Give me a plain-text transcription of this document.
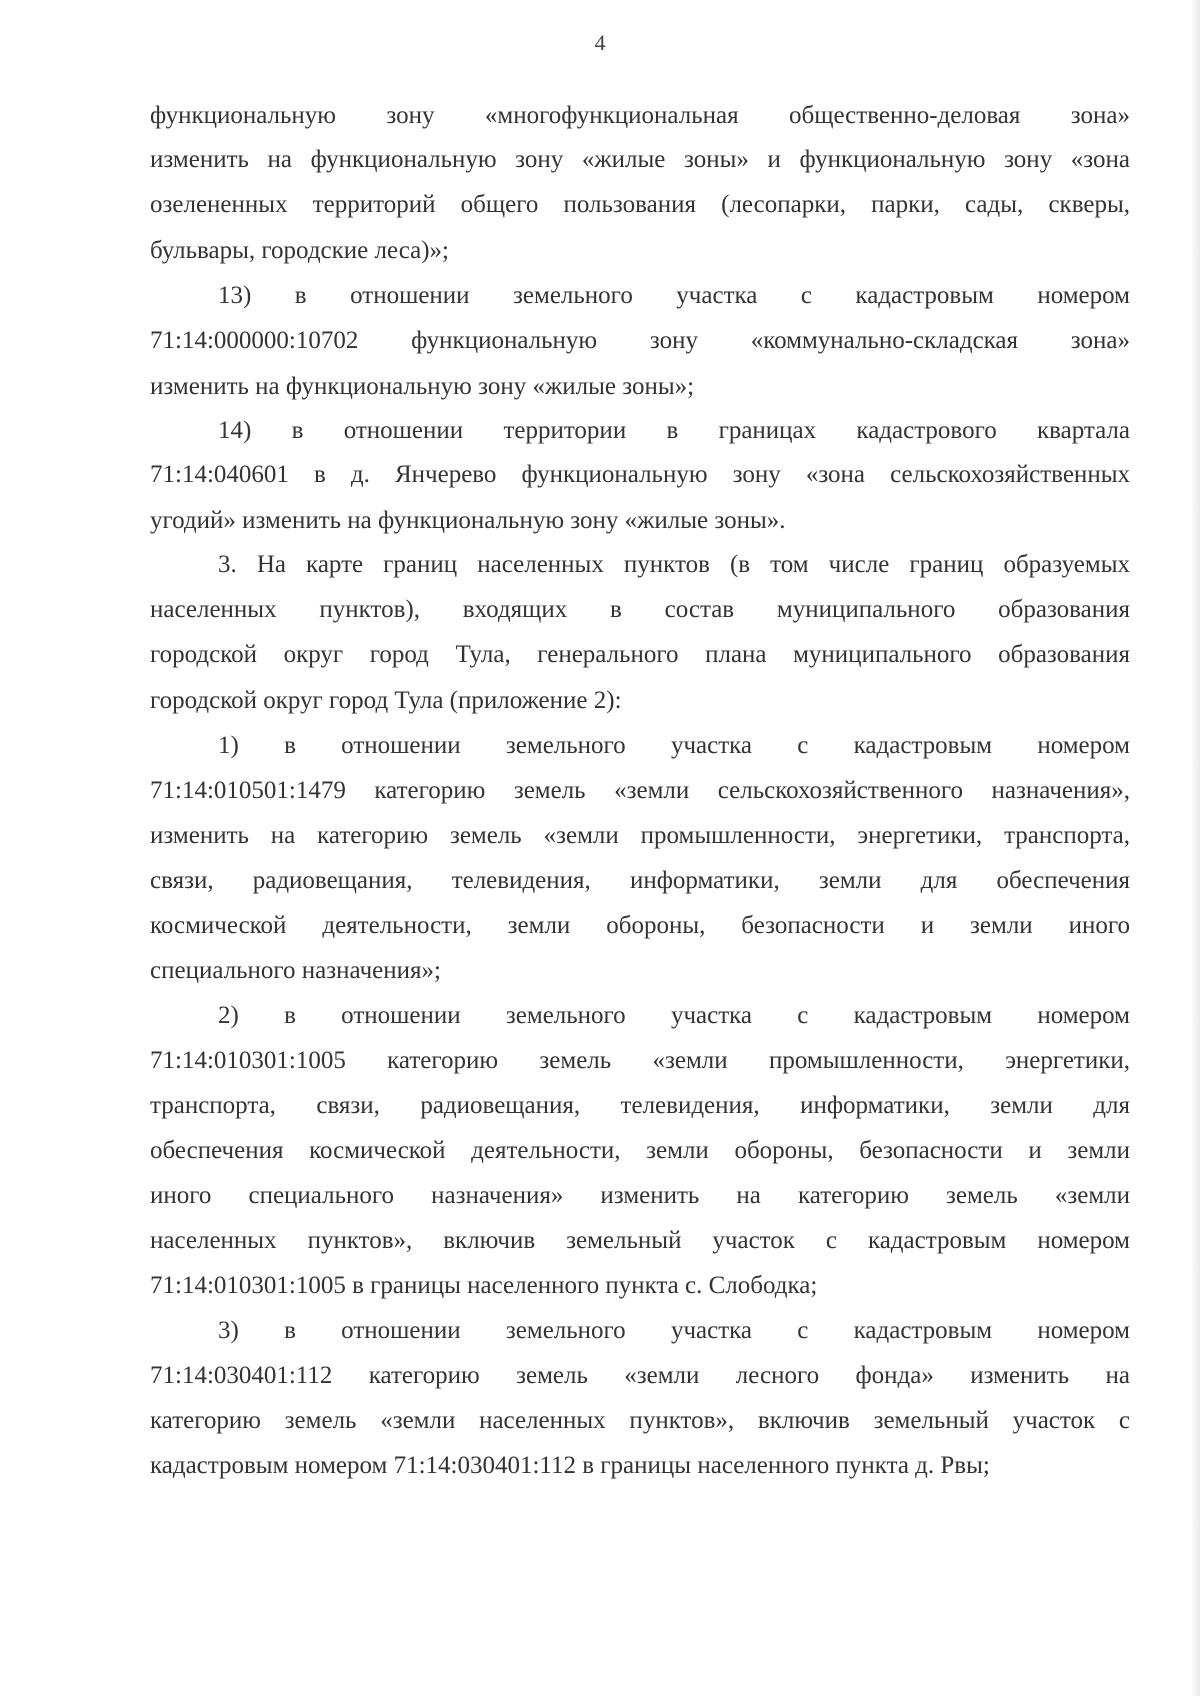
4
функциональную зону «многофункциональная общественно-деловая зона»
изменить на функциональную зону «жилые зоны» и функциональную зону «зона
озелененных территорий общего пользования (лесопарки, парки, сады, скверы,
бульвары, городские леса)»;
13) в отношении земельного участка с кадастровым номером
71:14:000000:10702 функциональную зону «коммунально-складская зона»
изменить на функциональную зону «жилые зоны»;
14) в отношении территории в границах кадастрового квартала
71:14:040601 в д. Янчерево функциональную зону «зона сельскохозяйственных
угодий» изменить на функциональную зону «жилые зоны».
3. На карте границ населенных пунктов (в том числе границ образуемых
населенных пунктов), входящих в состав муниципального образования
городской округ город Тула, генерального плана муниципального образования
городской округ город Тула (приложение 2):
1) в отношении земельного участка с кадастровым номером
71:14:010501:1479 категорию земель «земли сельскохозяйственного назначения»,
изменить на категорию земель «земли промышленности, энергетики, транспорта,
связи, радиовещания, телевидения, информатики, земли для обеспечения
космической деятельности, земли обороны, безопасности и земли иного
специального назначения»;
2) в отношении земельного участка с кадастровым номером
71:14:010301:1005 категорию земель «земли промышленности, энергетики,
транспорта, связи, радиовещания, телевидения, информатики, земли для
обеспечения космической деятельности, земли обороны, безопасности и земли
иного специального назначения» изменить на категорию земель «земли
населенных пунктов», включив земельный участок с кадастровым номером
71:14:010301:1005 в границы населенного пункта с. Слободка;
3) в отношении земельного участка с кадастровым номером
71:14:030401:112 категорию земель «земли лесного фонда» изменить на
категорию земель «земли населенных пунктов», включив земельный участок с
кадастровым номером 71:14:030401:112 в границы населенного пункта д. Рвы;
